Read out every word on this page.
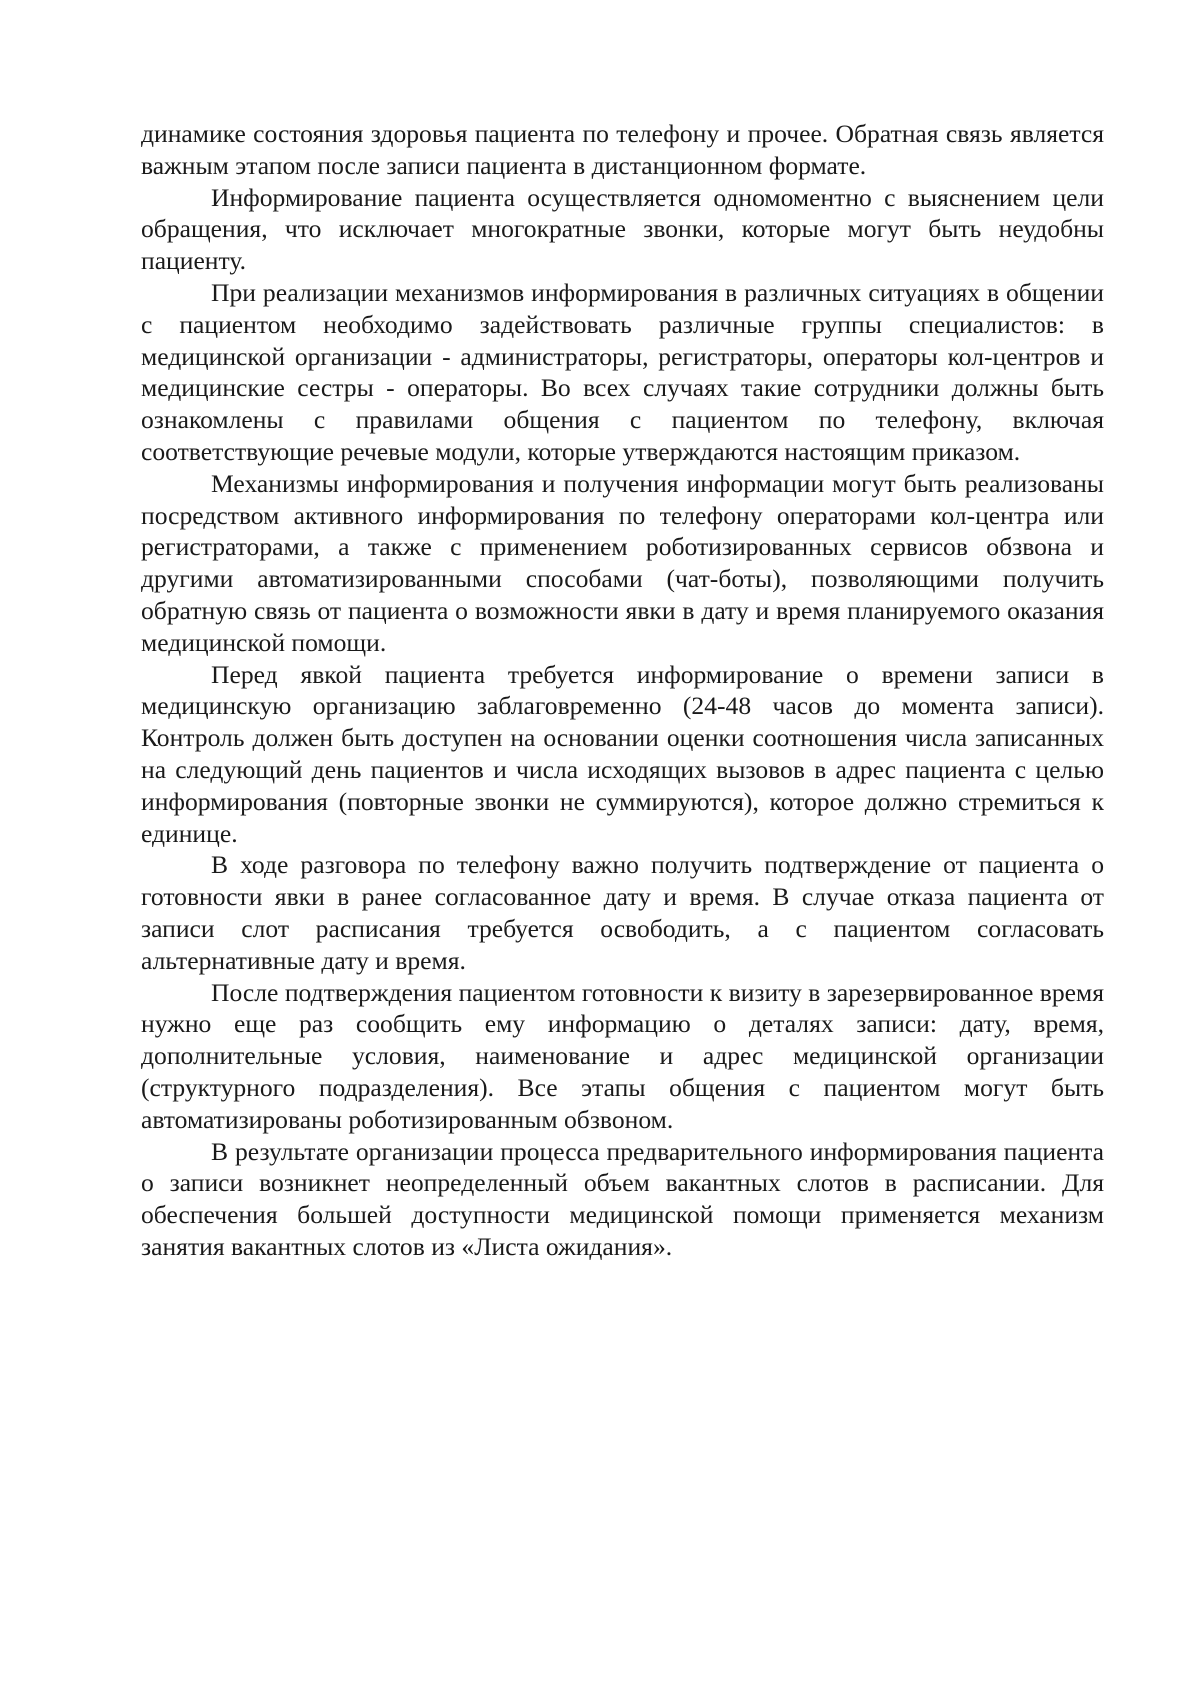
динамике состояния здоровья пациента по телефону и прочее. Обратная связь является важным этапом после записи пациента в дистанционном формате.

Информирование пациента осуществляется одномоментно с выяснением цели обращения, что исключает многократные звонки, которые могут быть неудобны пациенту.

При реализации механизмов информирования в различных ситуациях в общении с пациентом необходимо задействовать различные группы специалистов: в медицинской организации - администраторы, регистраторы, операторы кол-центров и медицинские сестры - операторы. Во всех случаях такие сотрудники должны быть ознакомлены с правилами общения с пациентом по телефону, включая соответствующие речевые модули, которые утверждаются настоящим приказом.

Механизмы информирования и получения информации могут быть реализованы посредством активного информирования по телефону операторами кол-центра или регистраторами, а также с применением роботизированных сервисов обзвона и другими автоматизированными способами (чат-боты), позволяющими получить обратную связь от пациента о возможности явки в дату и время планируемого оказания медицинской помощи.

Перед явкой пациента требуется информирование о времени записи в медицинскую организацию заблаговременно (24-48 часов до момента записи). Контроль должен быть доступен на основании оценки соотношения числа записанных на следующий день пациентов и числа исходящих вызовов в адрес пациента с целью информирования (повторные звонки не суммируются), которое должно стремиться к единице.

В ходе разговора по телефону важно получить подтверждение от пациента о готовности явки в ранее согласованное дату и время. В случае отказа пациента от записи слот расписания требуется освободить, а с пациентом согласовать альтернативные дату и время.

После подтверждения пациентом готовности к визиту в зарезервированное время нужно еще раз сообщить ему информацию о деталях записи: дату, время, дополнительные условия, наименование и адрес медицинской организации (структурного подразделения). Все этапы общения с пациентом могут быть автоматизированы роботизированным обзвоном.

В результате организации процесса предварительного информирования пациента о записи возникнет неопределенный объем вакантных слотов в расписании. Для обеспечения большей доступности медицинской помощи применяется механизм занятия вакантных слотов из «Листа ожидания».
